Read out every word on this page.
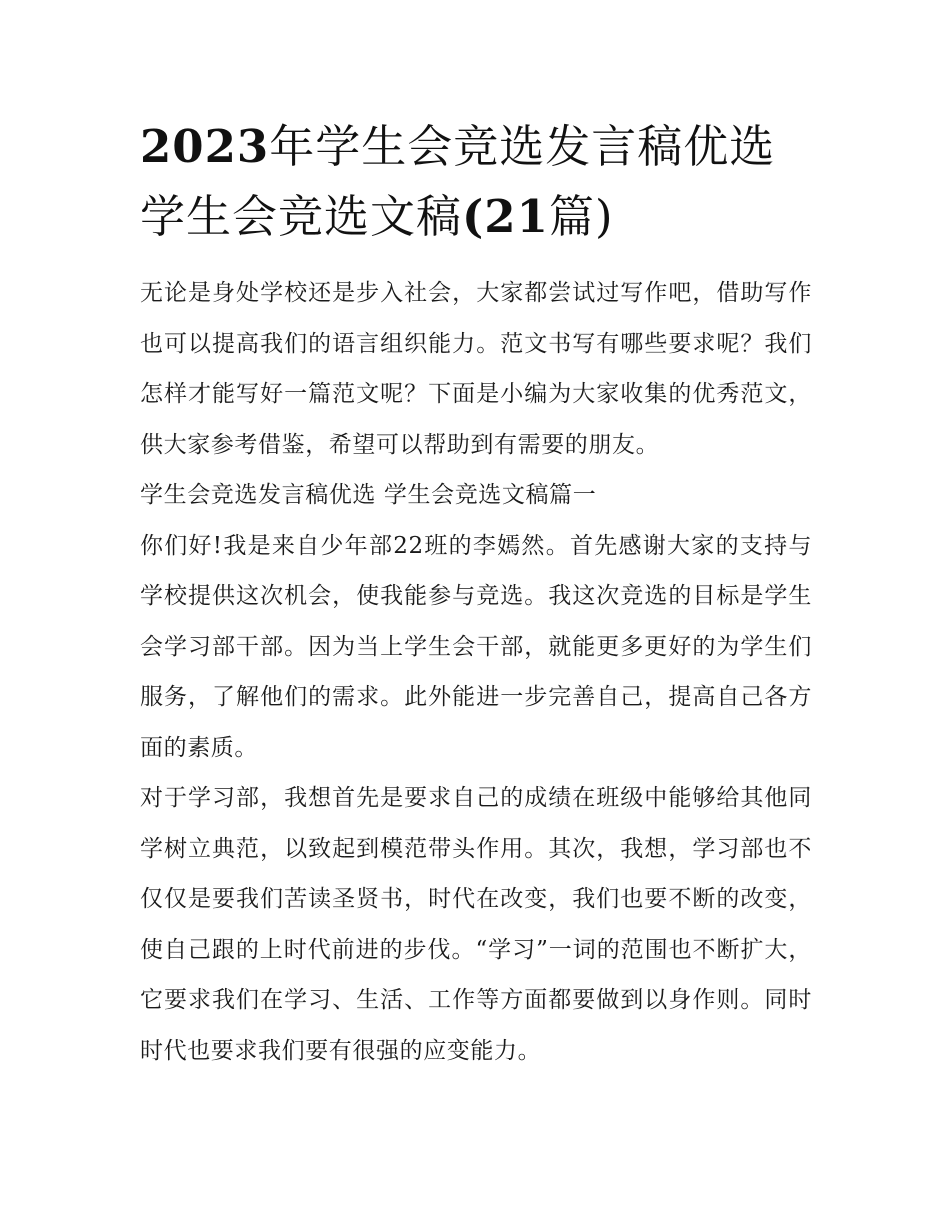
2023年学生会竞选发言稿优选
学生会竞选文稿(21篇)

无论是身处学校还是步入社会，大家都尝试过写作吧，借助写作也可以提高我们的语言组织能力。范文书写有哪些要求呢？我们怎样才能写好一篇范文呢？下面是小编为大家收集的优秀范文，供大家参考借鉴，希望可以帮助到有需要的朋友。

学生会竞选发言稿优选 学生会竞选文稿篇一

你们好!我是来自少年部22班的李嫣然。首先感谢大家的支持与学校提供这次机会，使我能参与竞选。我这次竞选的目标是学生会学习部干部。因为当上学生会干部，就能更多更好的为学生们服务，了解他们的需求。此外能进一步完善自己，提高自己各方面的素质。

对于学习部，我想首先是要求自己的成绩在班级中能够给其他同学树立典范，以致起到模范带头作用。其次，我想，学习部也不仅仅是要我们苦读圣贤书，时代在改变，我们也要不断的改变，使自己跟的上时代前进的步伐。“学习”一词的范围也不断扩大，它要求我们在学习、生活、工作等方面都要做到以身作则。同时时代也要求我们要有很强的应变能力。
